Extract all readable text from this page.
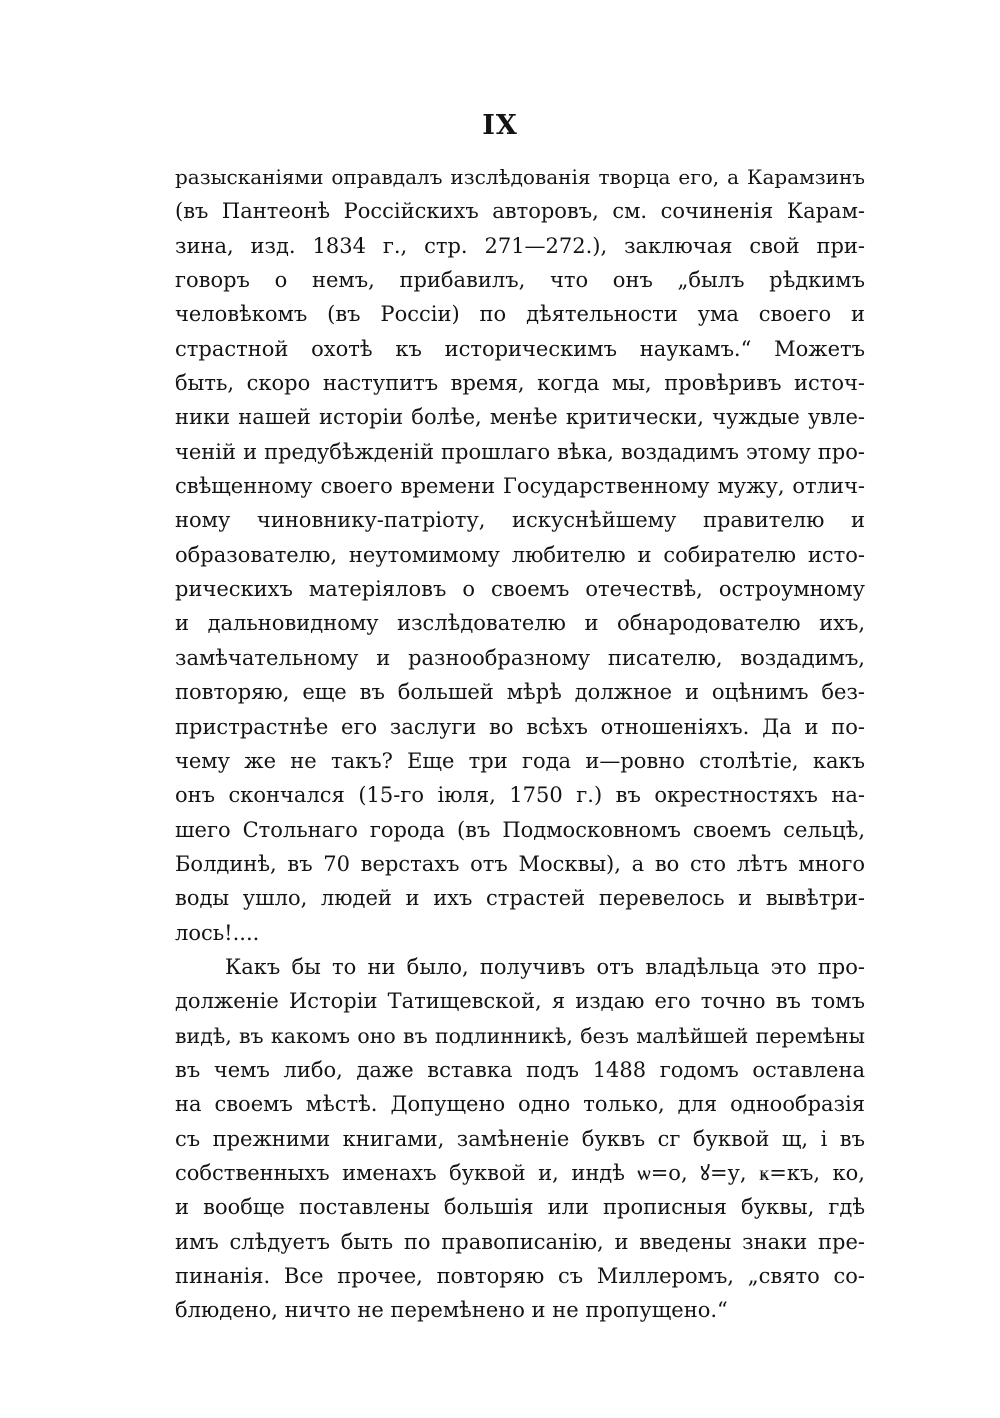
IX
разысканіями оправдалъ изслѣдованія творца его, а Карамзинъ
(въ Пантеонѣ Россійскихъ авторовъ, см. сочиненія Карам-
зина, изд. 1834 г., стр. 271—272.), заключая свой при-
говоръ о немъ, прибавилъ, что онъ „былъ рѣдкимъ
человѣкомъ (въ Россіи) по дѣятельности ума своего и
страстной охотѣ къ историческимъ наукамъ.“ Можетъ
быть, скоро наступитъ время, когда мы, провѣривъ источ-
ники нашей исторіи болѣе, менѣе критически, чуждые увле-
ченій и предубѣжденій прошлаго вѣка, воздадимъ этому про-
свѣщенному своего времени Государственному мужу, отлич-
ному чиновнику-патріоту, искуснѣйшему правителю и
образователю, неутомимому любителю и собирателю исто-
рическихъ матеріяловъ о своемъ отечествѣ, остроумному
и дальновидному изслѣдователю и обнародователю ихъ,
замѣчательному и разнообразному писателю, воздадимъ,
повторяю, еще въ большей мѣрѣ должное и оцѣнимъ без-
пристрастнѣе его заслуги во всѣхъ отношеніяхъ. Да и по-
чему же не такъ? Еще три года и—ровно столѣтіе, какъ
онъ скончался (15-го іюля, 1750 г.) въ окрестностяхъ на-
шего Стольнаго города (въ Подмосковномъ своемъ сельцѣ,
Болдинѣ, въ 70 верстахъ отъ Москвы), а во сто лѣтъ много
воды ушло, людей и ихъ страстей перевелось и вывѣтри-
лось!....
Какъ бы то ни было, получивъ отъ владѣльца это про-
долженіе Исторіи Татищевской, я издаю его точно въ томъ
видѣ, въ какомъ оно въ подлинникѣ, безъ малѣйшей перемѣны
въ чемъ либо, даже вставка подъ 1488 годомъ оставлена
на своемъ мѣстѣ. Допущено одно только, для однообразія
съ прежними книгами, замѣненіе буквъ сг буквой щ, і въ
собственныхъ именахъ буквой и, индѣ ѡ=о, ꙋ=у, ҝ=къ, ко,
и вообще поставлены большія или прописныя буквы, гдѣ
имъ слѣдуетъ быть по правописанію, и введены знаки пре-
пинанія. Все прочее, повторяю съ Миллеромъ, „свято со-
блюдено, ничто не перемѣнено и не пропущено.“
